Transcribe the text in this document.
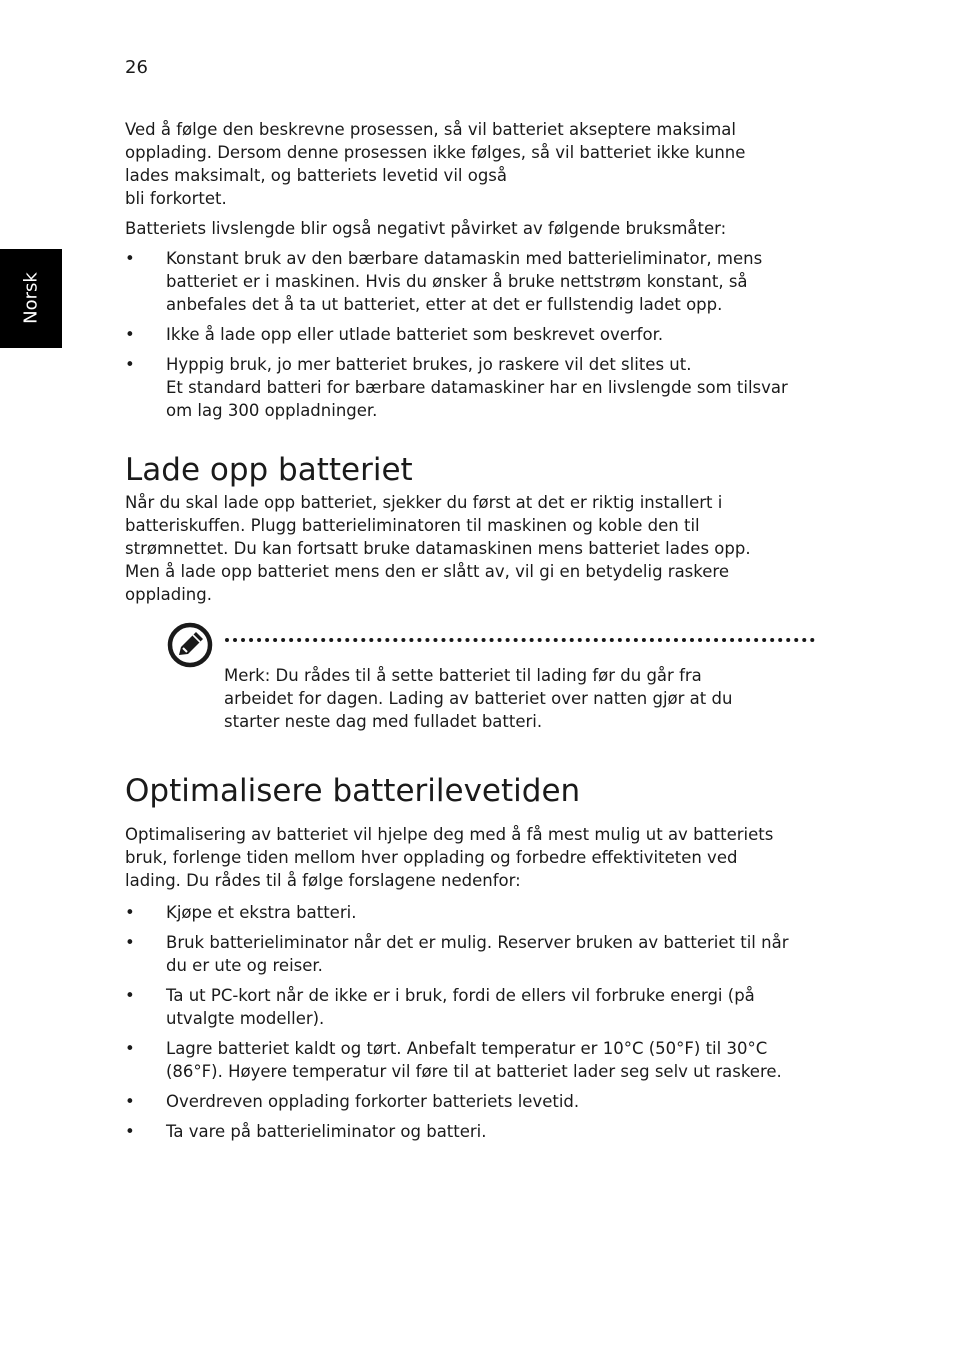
26
Norsk

Ved å følge den beskrevne prosessen, så vil batteriet akseptere maksimal
opplading. Dersom denne prosessen ikke følges, så vil batteriet ikke kunne
lades maksimalt, og batteriets levetid vil også
bli forkortet.

Batteriets livslengde blir også negativt påvirket av følgende bruksmåter:

• Konstant bruk av den bærbare datamaskin med batterieliminator, mens
batteriet er i maskinen. Hvis du ønsker å bruke nettstrøm konstant, så
anbefales det å ta ut batteriet, etter at det er fullstendig ladet opp.
• Ikke å lade opp eller utlade batteriet som beskrevet overfor.
• Hyppig bruk, jo mer batteriet brukes, jo raskere vil det slites ut.
Et standard batteri for bærbare datamaskiner har en livslengde som tilsvar
om lag 300 oppladninger.
Lade opp batteriet

Når du skal lade opp batteriet, sjekker du først at det er riktig installert i
batteriskuffen. Plugg batterieliminatoren til maskinen og koble den til
strømnettet. Du kan fortsatt bruke datamaskinen mens batteriet lades opp.
Men å lade opp batteriet mens den er slått av, vil gi en betydelig raskere
opplading.

Merk: Du rådes til å sette batteriet til lading før du går fra
arbeidet for dagen. Lading av batteriet over natten gjør at du
starter neste dag med fulladet batteri.
Optimalisere batterilevetiden

Optimalisering av batteriet vil hjelpe deg med å få mest mulig ut av batteriets
bruk, forlenge tiden mellom hver opplading og forbedre effektiviteten ved
lading. Du rådes til å følge forslagene nedenfor:

• Kjøpe et ekstra batteri.
• Bruk batterieliminator når det er mulig. Reserver bruken av batteriet til når
du er ute og reiser.
• Ta ut PC-kort når de ikke er i bruk, fordi de ellers vil forbruke energi (på
utvalgte modeller).
• Lagre batteriet kaldt og tørt. Anbefalt temperatur er 10°C (50°F) til 30°C
(86°F). Høyere temperatur vil føre til at batteriet lader seg selv ut raskere.
• Overdreven opplading forkorter batteriets levetid.
• Ta vare på batterieliminator og batteri.
